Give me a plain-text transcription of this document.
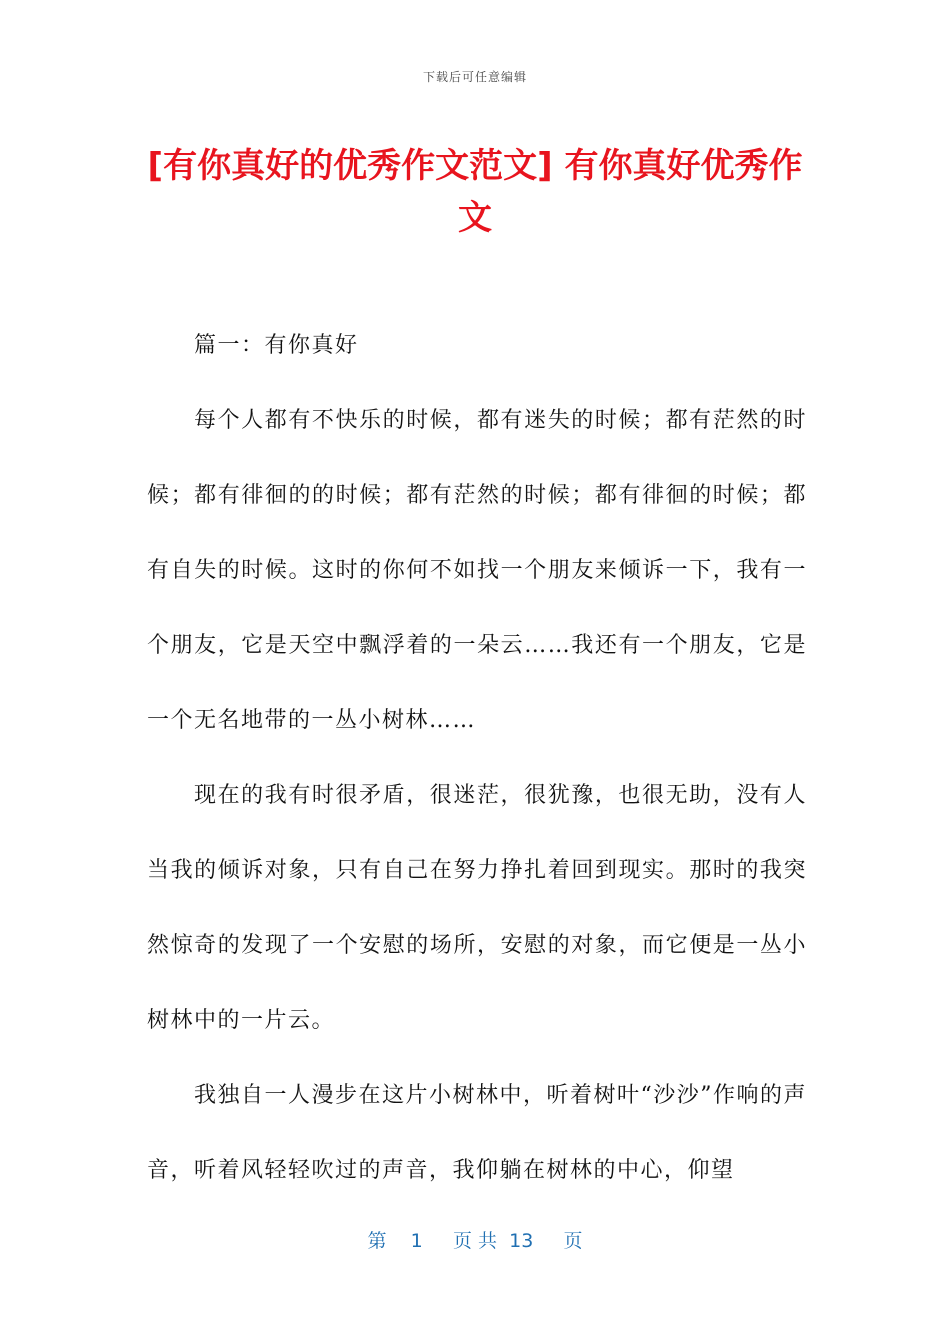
下载后可任意编辑
[有你真好的优秀作文范文] 有你真好优秀作文

篇一：有你真好

每个人都有不快乐的时候，都有迷失的时候；都有茫然的时候；都有徘徊的的时候；都有茫然的时候；都有徘徊的时候；都有自失的时候。这时的你何不如找一个朋友来倾诉一下，我有一个朋友，它是天空中飘浮着的一朵云……我还有一个朋友，它是一个无名地带的一丛小树林……

现在的我有时很矛盾，很迷茫，很犹豫，也很无助，没有人当我的倾诉对象，只有自己在努力挣扎着回到现实。那时的我突然惊奇的发现了一个安慰的场所，安慰的对象，而它便是一丛小树林中的一片云。

我独自一人漫步在这片小树林中，听着树叶“沙沙”作响的声音，听着风轻轻吹过的声音，我仰躺在树林的中心，仰望

第 1 页 共 13 页
